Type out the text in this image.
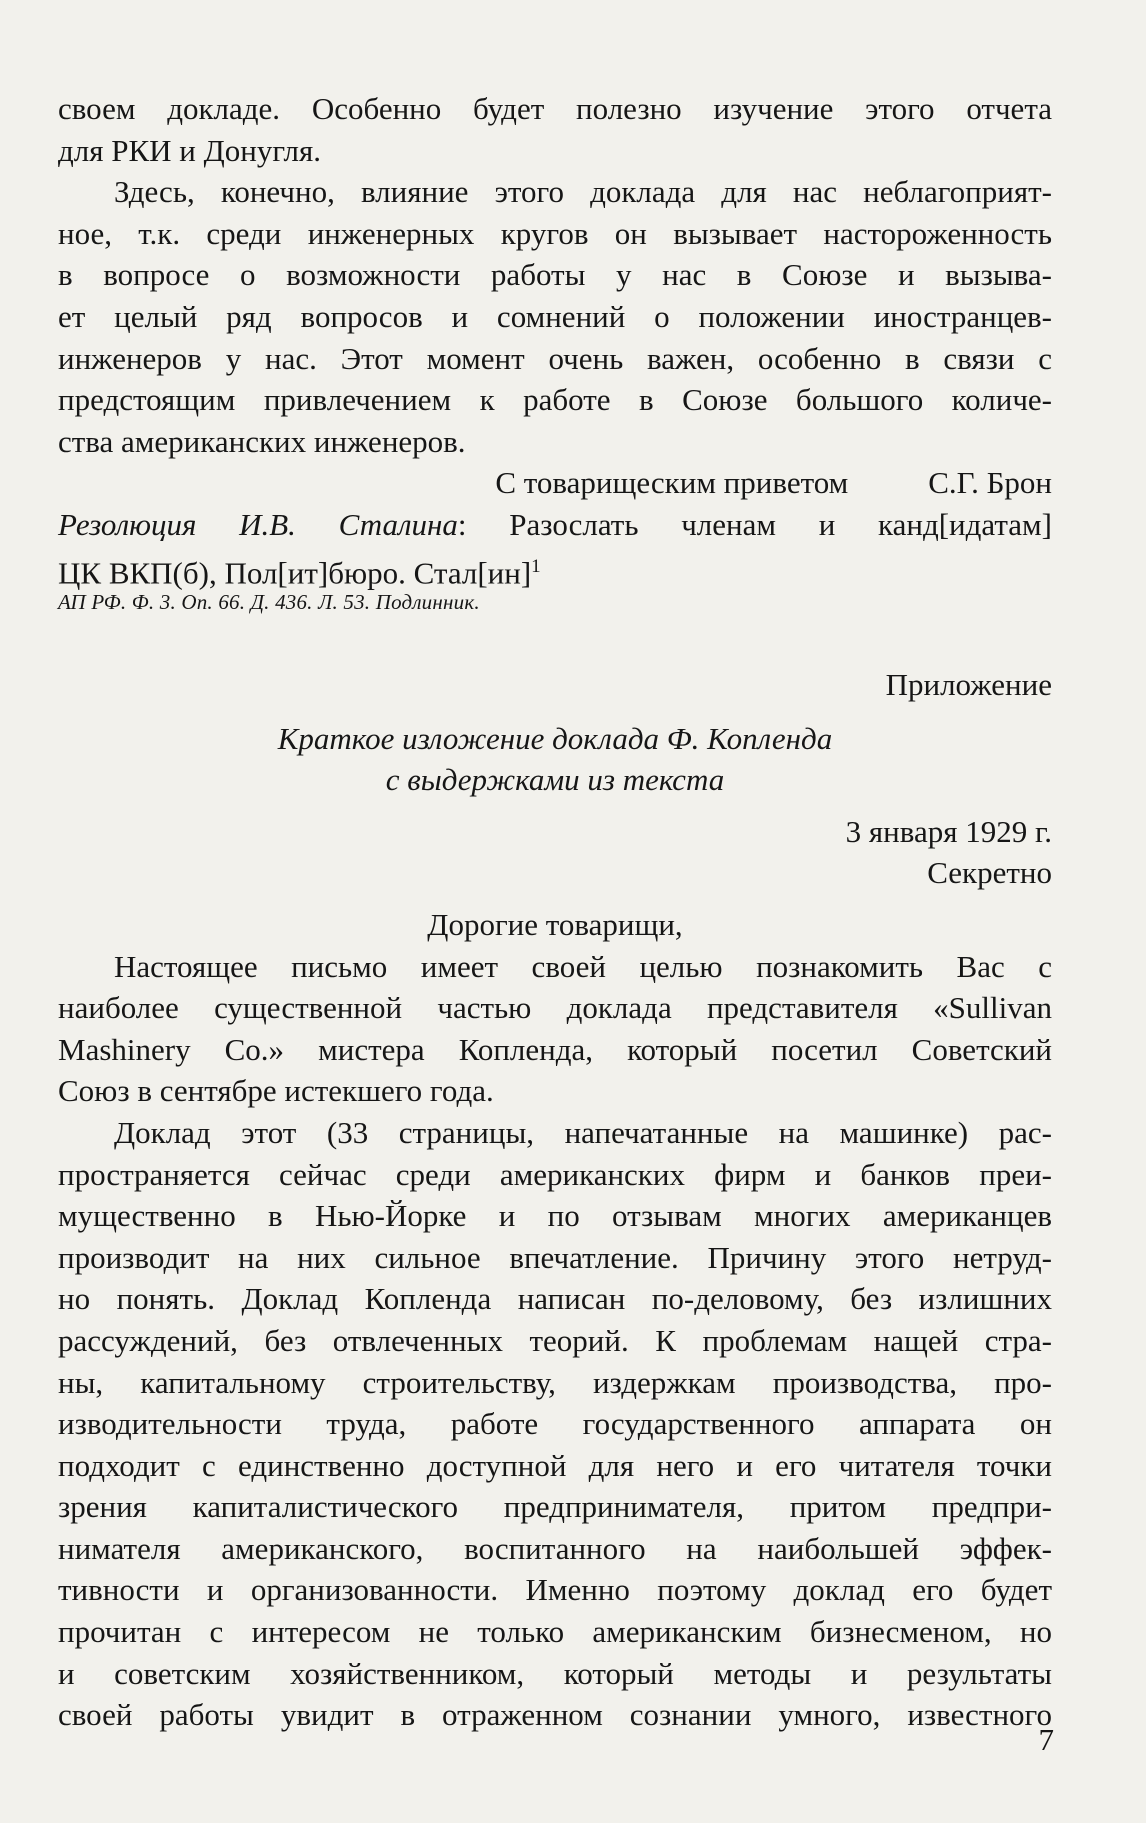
своем докладе. Особенно будет полезно изучение этого отчета

для РКИ и Донугля.

Здесь, конечно, влияние этого доклада для нас неблагоприят-

ное, т.к. среди инженерных кругов он вызывает настороженность

в вопросе о возможности работы у нас в Союзе и вызыва-

ет целый ряд вопросов и сомнений о положении иностранцев-

инженеров у нас. Этот момент очень важен, особенно в связи с

предстоящим привлечением к работе в Союзе большого количе-

ства американских инженеров.

С товарищеским приветом	С.Г. Брон

Резолюция И.В. Сталина: Разослать членам и канд[идатам]

ЦК ВКП(б), Пол[ит]бюро. Стал[ин]$^1$

АП РФ. Ф. 3. Оп. 66. Д. 436. Л. 53. Подлинник.

Приложение

Краткое изложение доклада Ф. Копленда

с выдержками из текста

3 января 1929 г.

Секретно

Дорогие товарищи,

Настоящее письмо имеет своей целью познакомить Вас с

наиболее существенной частью доклада представителя «Sullivan

Mashinery Co.» мистера Копленда, который посетил Советский

Союз в сентябре истекшего года.

Доклад этот (33 страницы, напечатанные на машинке) рас-

пространяется сейчас среди американских фирм и банков преи-

мущественно в Нью-Йорке и по отзывам многих американцев

производит на них сильное впечатление. Причину этого нетруд-

но понять. Доклад Копленда написан по-деловому, без излишних

рассуждений, без отвлеченных теорий. К проблемам нащей стра-

ны, капитальному строительству, издержкам производства, про-

изводительности труда, работе государственного аппарата он

подходит с единственно доступной для него и его читателя точки

зрения капиталистического предпринимателя, притом предпри-

нимателя американского, воспитанного на наибольшей эффек-

тивности и организованности. Именно поэтому доклад его будет

прочитан с интересом не только американским бизнесменом, но

и советским хозяйственником, который методы и результаты

своей работы увидит в отраженном сознании умного, известного

7
